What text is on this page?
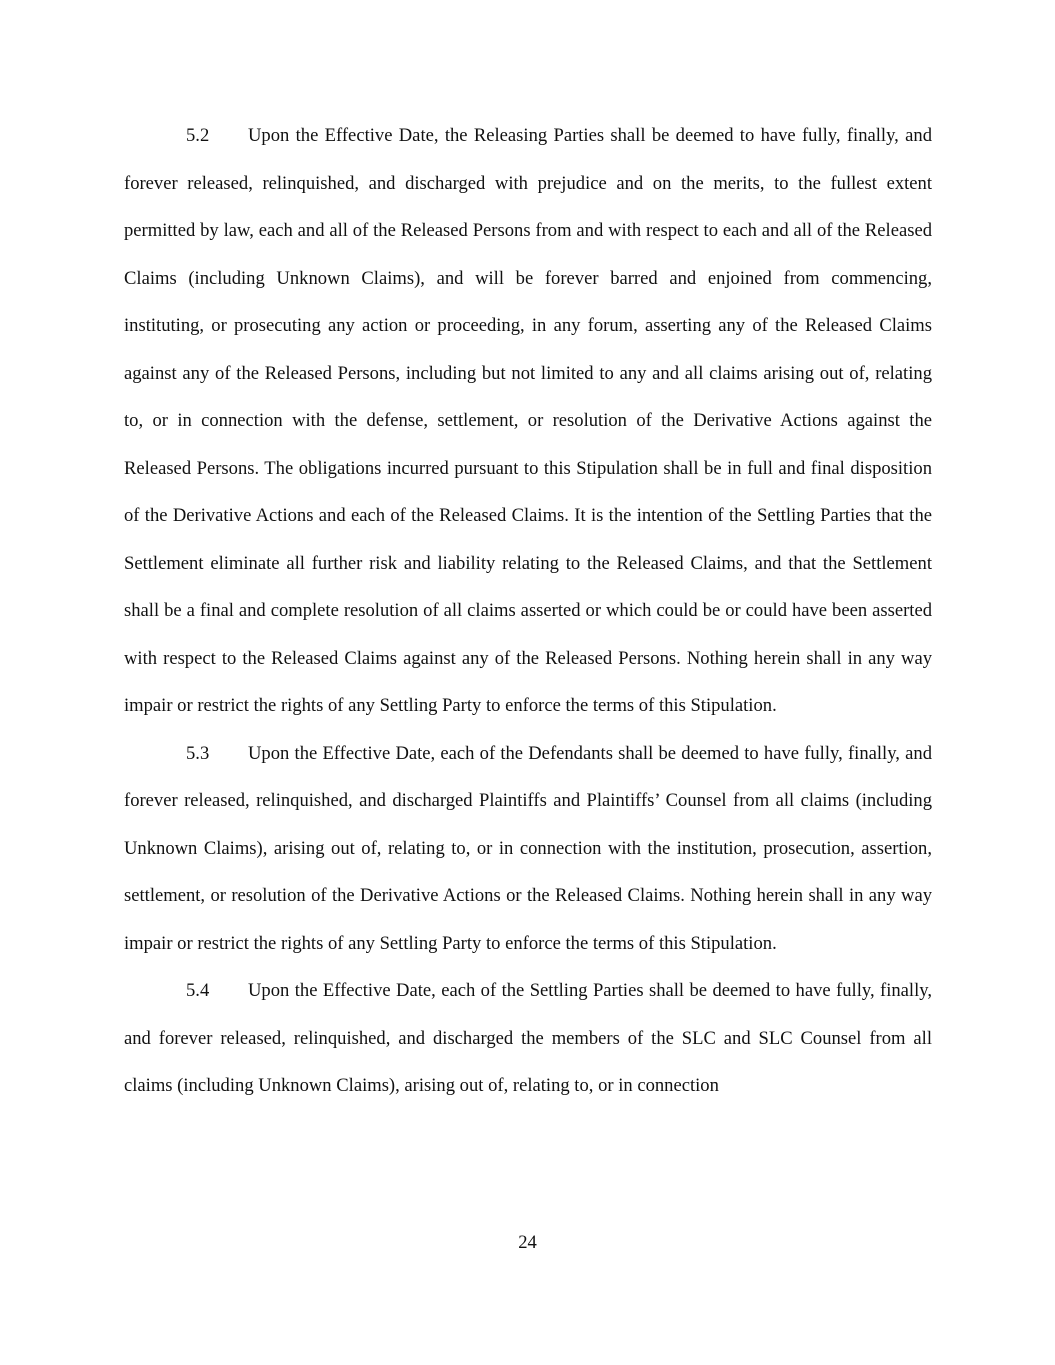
5.2 Upon the Effective Date, the Releasing Parties shall be deemed to have fully, finally, and forever released, relinquished, and discharged with prejudice and on the merits, to the fullest extent permitted by law, each and all of the Released Persons from and with respect to each and all of the Released Claims (including Unknown Claims), and will be forever barred and enjoined from commencing, instituting, or prosecuting any action or proceeding, in any forum, asserting any of the Released Claims against any of the Released Persons, including but not limited to any and all claims arising out of, relating to, or in connection with the defense, settlement, or resolution of the Derivative Actions against the Released Persons. The obligations incurred pursuant to this Stipulation shall be in full and final disposition of the Derivative Actions and each of the Released Claims. It is the intention of the Settling Parties that the Settlement eliminate all further risk and liability relating to the Released Claims, and that the Settlement shall be a final and complete resolution of all claims asserted or which could be or could have been asserted with respect to the Released Claims against any of the Released Persons. Nothing herein shall in any way impair or restrict the rights of any Settling Party to enforce the terms of this Stipulation.

5.3 Upon the Effective Date, each of the Defendants shall be deemed to have fully, finally, and forever released, relinquished, and discharged Plaintiffs and Plaintiffs’ Counsel from all claims (including Unknown Claims), arising out of, relating to, or in connection with the institution, prosecution, assertion, settlement, or resolution of the Derivative Actions or the Released Claims. Nothing herein shall in any way impair or restrict the rights of any Settling Party to enforce the terms of this Stipulation.

5.4 Upon the Effective Date, each of the Settling Parties shall be deemed to have fully, finally, and forever released, relinquished, and discharged the members of the SLC and SLC Counsel from all claims (including Unknown Claims), arising out of, relating to, or in connection

24
